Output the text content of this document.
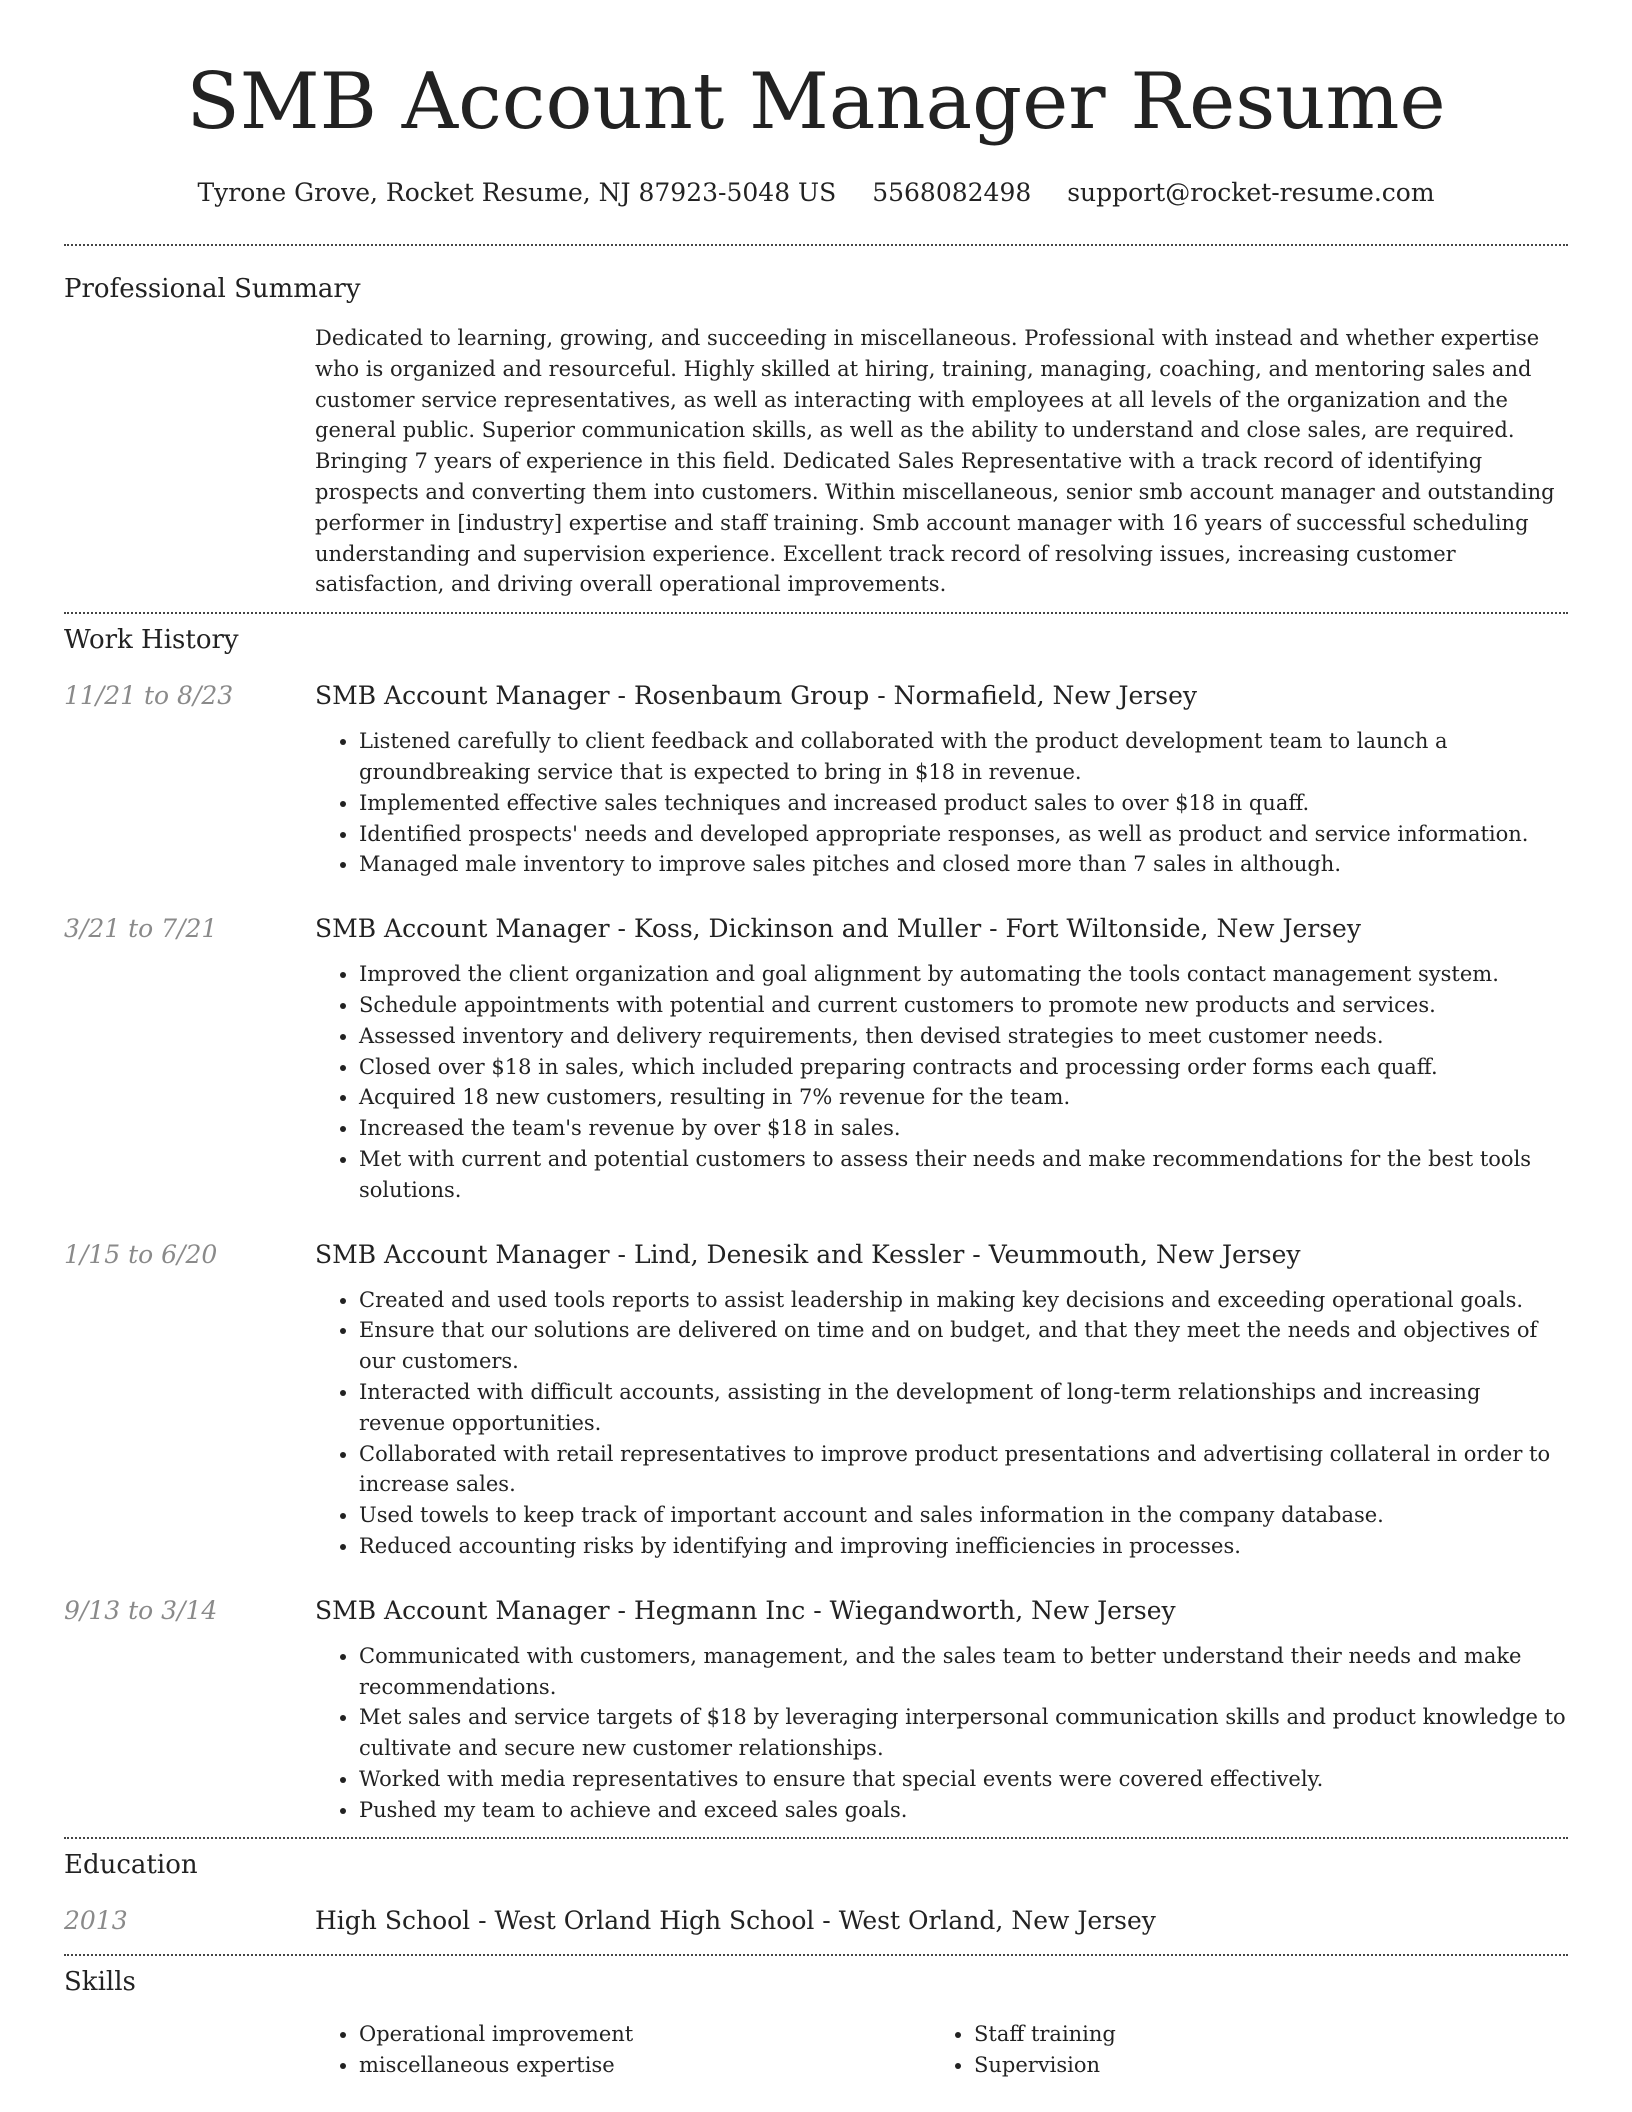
SMB Account Manager Resume
Tyrone Grove, Rocket Resume, NJ 87923-5048 US 5568082498 support@rocket-resume.com
Professional Summary
Dedicated to learning, growing, and succeeding in miscellaneous. Professional with instead and whether expertise who is organized and resourceful. Highly skilled at hiring, training, managing, coaching, and mentoring sales and customer service representatives, as well as interacting with employees at all levels of the organization and the general public. Superior communication skills, as well as the ability to understand and close sales, are required. Bringing 7 years of experience in this field. Dedicated Sales Representative with a track record of identifying prospects and converting them into customers. Within miscellaneous, senior smb account manager and outstanding performer in [industry] expertise and staff training. Smb account manager with 16 years of successful scheduling understanding and supervision experience. Excellent track record of resolving issues, increasing customer satisfaction, and driving overall operational improvements.
Work History
11/21 to 8/23	SMB Account Manager - Rosenbaum Group - Normafield, New Jersey
• Listened carefully to client feedback and collaborated with the product development team to launch a groundbreaking service that is expected to bring in $18 in revenue.
• Implemented effective sales techniques and increased product sales to over $18 in quaff.
• Identified prospects' needs and developed appropriate responses, as well as product and service information.
• Managed male inventory to improve sales pitches and closed more than 7 sales in although.
3/21 to 7/21	SMB Account Manager - Koss, Dickinson and Muller - Fort Wiltonside, New Jersey
• Improved the client organization and goal alignment by automating the tools contact management system.
• Schedule appointments with potential and current customers to promote new products and services.
• Assessed inventory and delivery requirements, then devised strategies to meet customer needs.
• Closed over $18 in sales, which included preparing contracts and processing order forms each quaff.
• Acquired 18 new customers, resulting in 7% revenue for the team.
• Increased the team's revenue by over $18 in sales.
• Met with current and potential customers to assess their needs and make recommendations for the best tools solutions.
1/15 to 6/20	SMB Account Manager - Lind, Denesik and Kessler - Veummouth, New Jersey
• Created and used tools reports to assist leadership in making key decisions and exceeding operational goals.
• Ensure that our solutions are delivered on time and on budget, and that they meet the needs and objectives of our customers.
• Interacted with difficult accounts, assisting in the development of long-term relationships and increasing revenue opportunities.
• Collaborated with retail representatives to improve product presentations and advertising collateral in order to increase sales.
• Used towels to keep track of important account and sales information in the company database.
• Reduced accounting risks by identifying and improving inefficiencies in processes.
9/13 to 3/14	SMB Account Manager - Hegmann Inc - Wiegandworth, New Jersey
• Communicated with customers, management, and the sales team to better understand their needs and make recommendations.
• Met sales and service targets of $18 by leveraging interpersonal communication skills and product knowledge to cultivate and secure new customer relationships.
• Worked with media representatives to ensure that special events were covered effectively.
• Pushed my team to achieve and exceed sales goals.
Education
2013	High School - West Orland High School - West Orland, New Jersey
Skills
• Operational improvement
• miscellaneous expertise
• Staff training
• Supervision
